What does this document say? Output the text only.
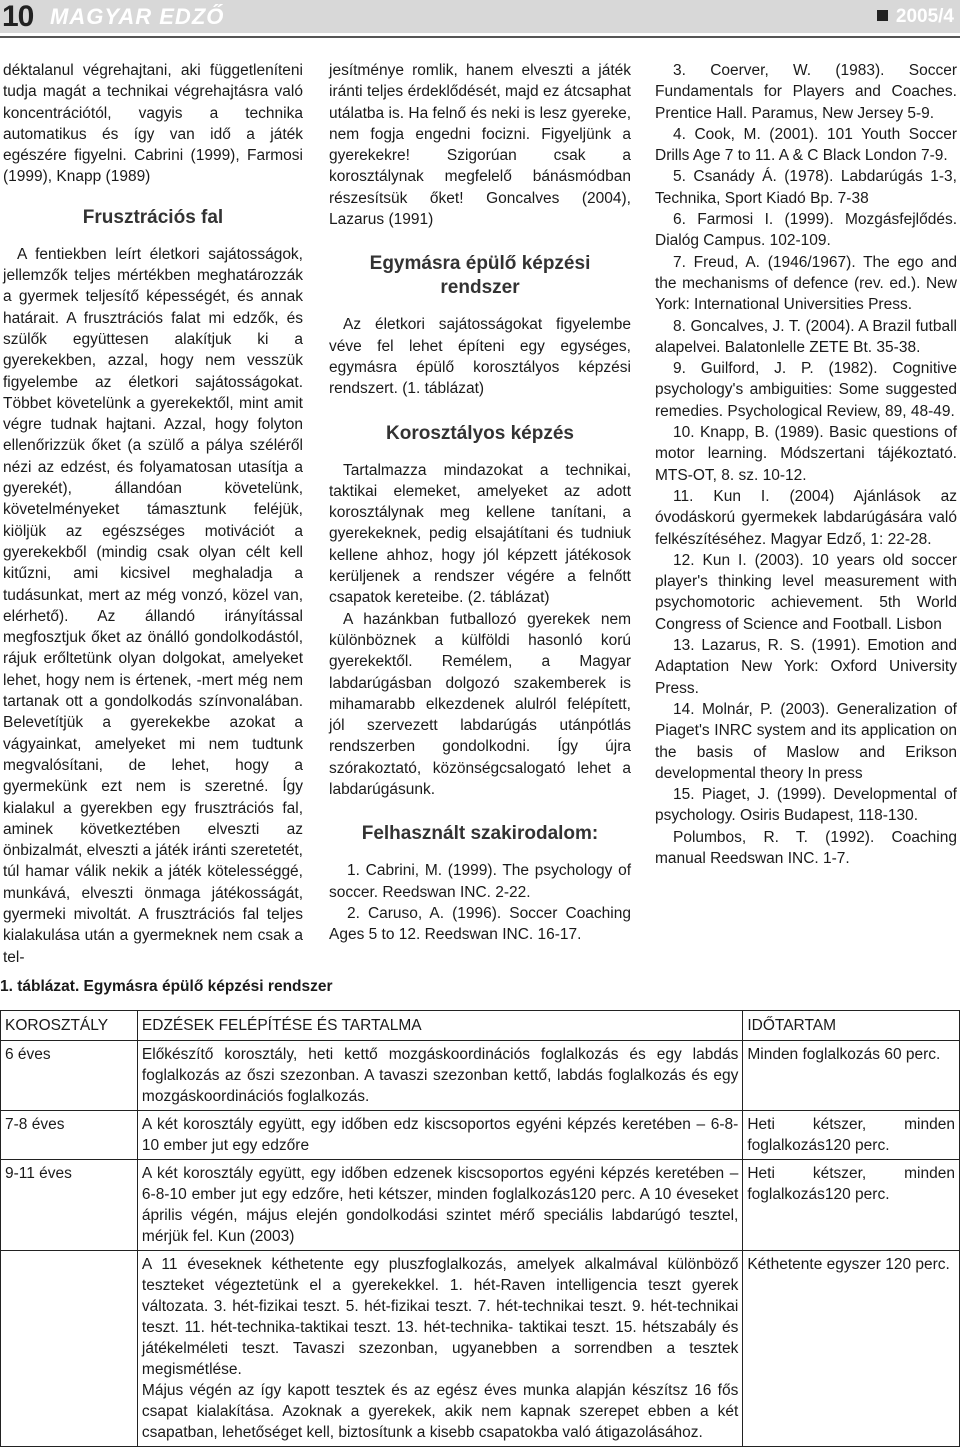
10 MAGYAR EDZŐ	2005/4

déktalanul végrehajtani, aki függetleníteni tudja magát a technikai végrehajtásra való koncentrációtól, vagyis a technika automatikus és így van idő a játék egészére figyelni. Cabrini (1999), Farmosi (1999), Knapp (1989)

Frusztrációs fal

A fentiekben leírt életkori sajátosságok, jellemzők teljes mértékben meghatározzák a gyermek teljesítő képességét, és annak határait. A frusztrációs falat mi edzők, és szülők együttesen alakítjuk ki a gyerekekben, azzal, hogy nem vesszük figyelembe az életkori sajátosságokat. Többet követelünk a gyerekektől, mint amit végre tudnak hajtani. Azzal, hogy folyton ellenőrizzük őket (a szülő a pálya széléről nézi az edzést, és folyamatosan utasítja a gyerekét), állandóan követelünk, követelményeket támasztunk feléjük, kiöljük az egészséges motivációt a gyerekekből (mindig csak olyan célt kell kitűzni, ami kicsivel meghaladja a tudásunkat, mert az még vonzó, közel van, elérhető). Az állandó irányítással megfosztjuk őket az önálló gondolkodástól, rájuk erőltetünk olyan dolgokat, amelyeket lehet, hogy nem is értenek, -mert még nem tartanak ott a gondolkodás színvonalában. Belevetítjük a gyerekekbe azokat a vágyainkat, amelyeket mi nem tudtunk megvalósítani, de lehet, hogy a gyermekünk ezt nem is szeretné. Így kialakul a gyerekben egy frusztrációs fal, aminek következtében elveszti az önbizalmát, elveszti a játék iránti szeretetét, túl hamar válik nekik a játék kötelességgé, munkává, elveszti önmaga játékosságát, gyermeki mivoltát. A frusztrációs fal teljes kialakulása után a gyermeknek nem csak a tel-

jesítménye romlik, hanem elveszti a játék iránti teljes érdeklődését, majd ez átcsaphat utálatba is. Ha felnő és neki is lesz gyereke, nem fogja engedni focizni. Figyeljünk a gyerekekre! Szigorúan csak a korosztálynak megfelelő bánásmódban részesítsük őket! Goncalves (2004), Lazarus (1991)

Egymásra épülő képzési rendszer

Az életkori sajátosságokat figyelembe véve fel lehet építeni egy egységes, egymásra épülő korosztályos képzési rendszert. (1. táblázat)

Korosztályos képzés

Tartalmazza mindazokat a technikai, taktikai elemeket, amelyeket az adott korosztálynak meg kellene tanítani, a gyerekeknek, pedig elsajátítani és tudniuk kellene ahhoz, hogy jól képzett játékosok kerüljenek a rendszer végére a felnőtt csapatok kereteibe. (2. táblázat)

A hazánkban futballozó gyerekek nem különböznek a külföldi hasonló korú gyerekektől. Remélem, a Magyar labdarúgásban dolgozó szakemberek is mihamarabb elkezdenek alulról felépített, jól szervezett labdarúgás utánpótlás rendszerben gondolkodni. Így újra szórakoztató, közönségcsalogató lehet a labdarúgásunk.

Felhasznált szakirodalom:

1. Cabrini, M. (1999). The psychology of soccer. Reedswan INC. 2-22.

2. Caruso, A. (1996). Soccer Coaching Ages 5 to 12. Reedswan INC. 16-17.

3. Coerver, W. (1983). Soccer Fundamentals for Players and Coaches. Prentice Hall. Paramus, New Jersey 5-9.

4. Cook, M. (2001). 101 Youth Soccer Drills Age 7 to 11. A & C Black London 7-9.

5. Csanády Á. (1978). Labdarúgás 1-3, Technika, Sport Kiadó Bp. 7-38

6. Farmosi I. (1999). Mozgásfejlődés. Dialóg Campus. 102-109.

7. Freud, A. (1946/1967). The ego and the mechanisms of defence (rev. ed.). New York: International Universities Press.

8. Goncalves, J. T. (2004). A Brazil futball alapelvei. Balatonlelle ZETE Bt. 35-38.

9. Guilford, J. P. (1982). Cognitive psychology's ambiguities: Some suggested remedies. Psychological Review, 89, 48-49.

10. Knapp, B. (1989). Basic questions of motor learning. Módszertani tájékoztató. MTS-OT, 8. sz. 10-12.

11. Kun I. (2004) Ajánlások az óvodáskorú gyermekek labdarúgására való felkészítéséhez. Magyar Edző, 1: 22-28.

12. Kun I. (2003). 10 years old soccer player's thinking level measurement with psychomotoric achievement. 5th World Congress of Science and Football. Lisbon

13. Lazarus, R. S. (1991). Emotion and Adaptation New York: Oxford University Press.

14. Molnár, P. (2003). Generalization of Piaget's INRC system and its application on the basis of Maslow and Erikson developmental theory In press

15. Piaget, J. (1999). Developmental of psychology. Osiris Budapest, 118-130.

Polumbos, R. T. (1992). Coaching manual Reedswan INC. 1-7.

1. táblázat. Egymásra épülő képzési rendszer
KOROSZTÁLY	EDZÉSEK FELÉPÍTÉSE ÉS TARTALMA	IDŐTARTAM
6 éves	Előkészítő korosztály, heti kettő mozgáskoordinációs foglalkozás és egy labdás foglalkozás az őszi szezonban. A tavaszi szezonban kettő, labdás foglalkozás és egy mozgáskoordinációs foglalkozás.	Minden foglalkozás 60 perc.
7-8 éves	A két korosztály együtt, egy időben edz kiscsoportos egyéni képzés keretében – 6-8-10 ember jut egy edzőre	Heti kétszer, minden foglalkozás120 perc.
9-11 éves	A két korosztály együtt, egy időben edzenek kiscsoportos egyéni képzés keretében – 6-8-10 ember jut egy edzőre, heti kétszer, minden foglalkozás120 perc. A 10 éveseket április végén, május elején gondolkodási szintet mérő speciális labdarúgó tesztel, mérjük fel. Kun (2003)	Heti kétszer, minden foglalkozás120 perc.

	A 11 éveseknek kéthetente egy pluszfoglalkozás, amelyek alkalmával különböző teszteket végeztetünk el a gyerekekkel. 1. hét-Raven intelligencia teszt gyerek változata. 3. hét-fizikai teszt. 5. hét-fizikai teszt. 7. hét-technikai teszt. 9. hét-technikai teszt. 11. hét-technika-taktikai teszt. 13. hét-technika- taktikai teszt. 15. hétszabály és játékelméleti teszt. Tavaszi szezonban, ugyanebben a sorrendben a tesztek megismétlése.
Május végén az így kapott tesztek és az egész éves munka alapján készítsz 16 fős csapat kialakítása. Azoknak a gyerekek, akik nem kapnak szerepet ebben a két csapatban, lehetőséget kell, biztosítunk a kisebb csapatokba való átigazolásához.	Kéthetente egyszer 120 perc.
